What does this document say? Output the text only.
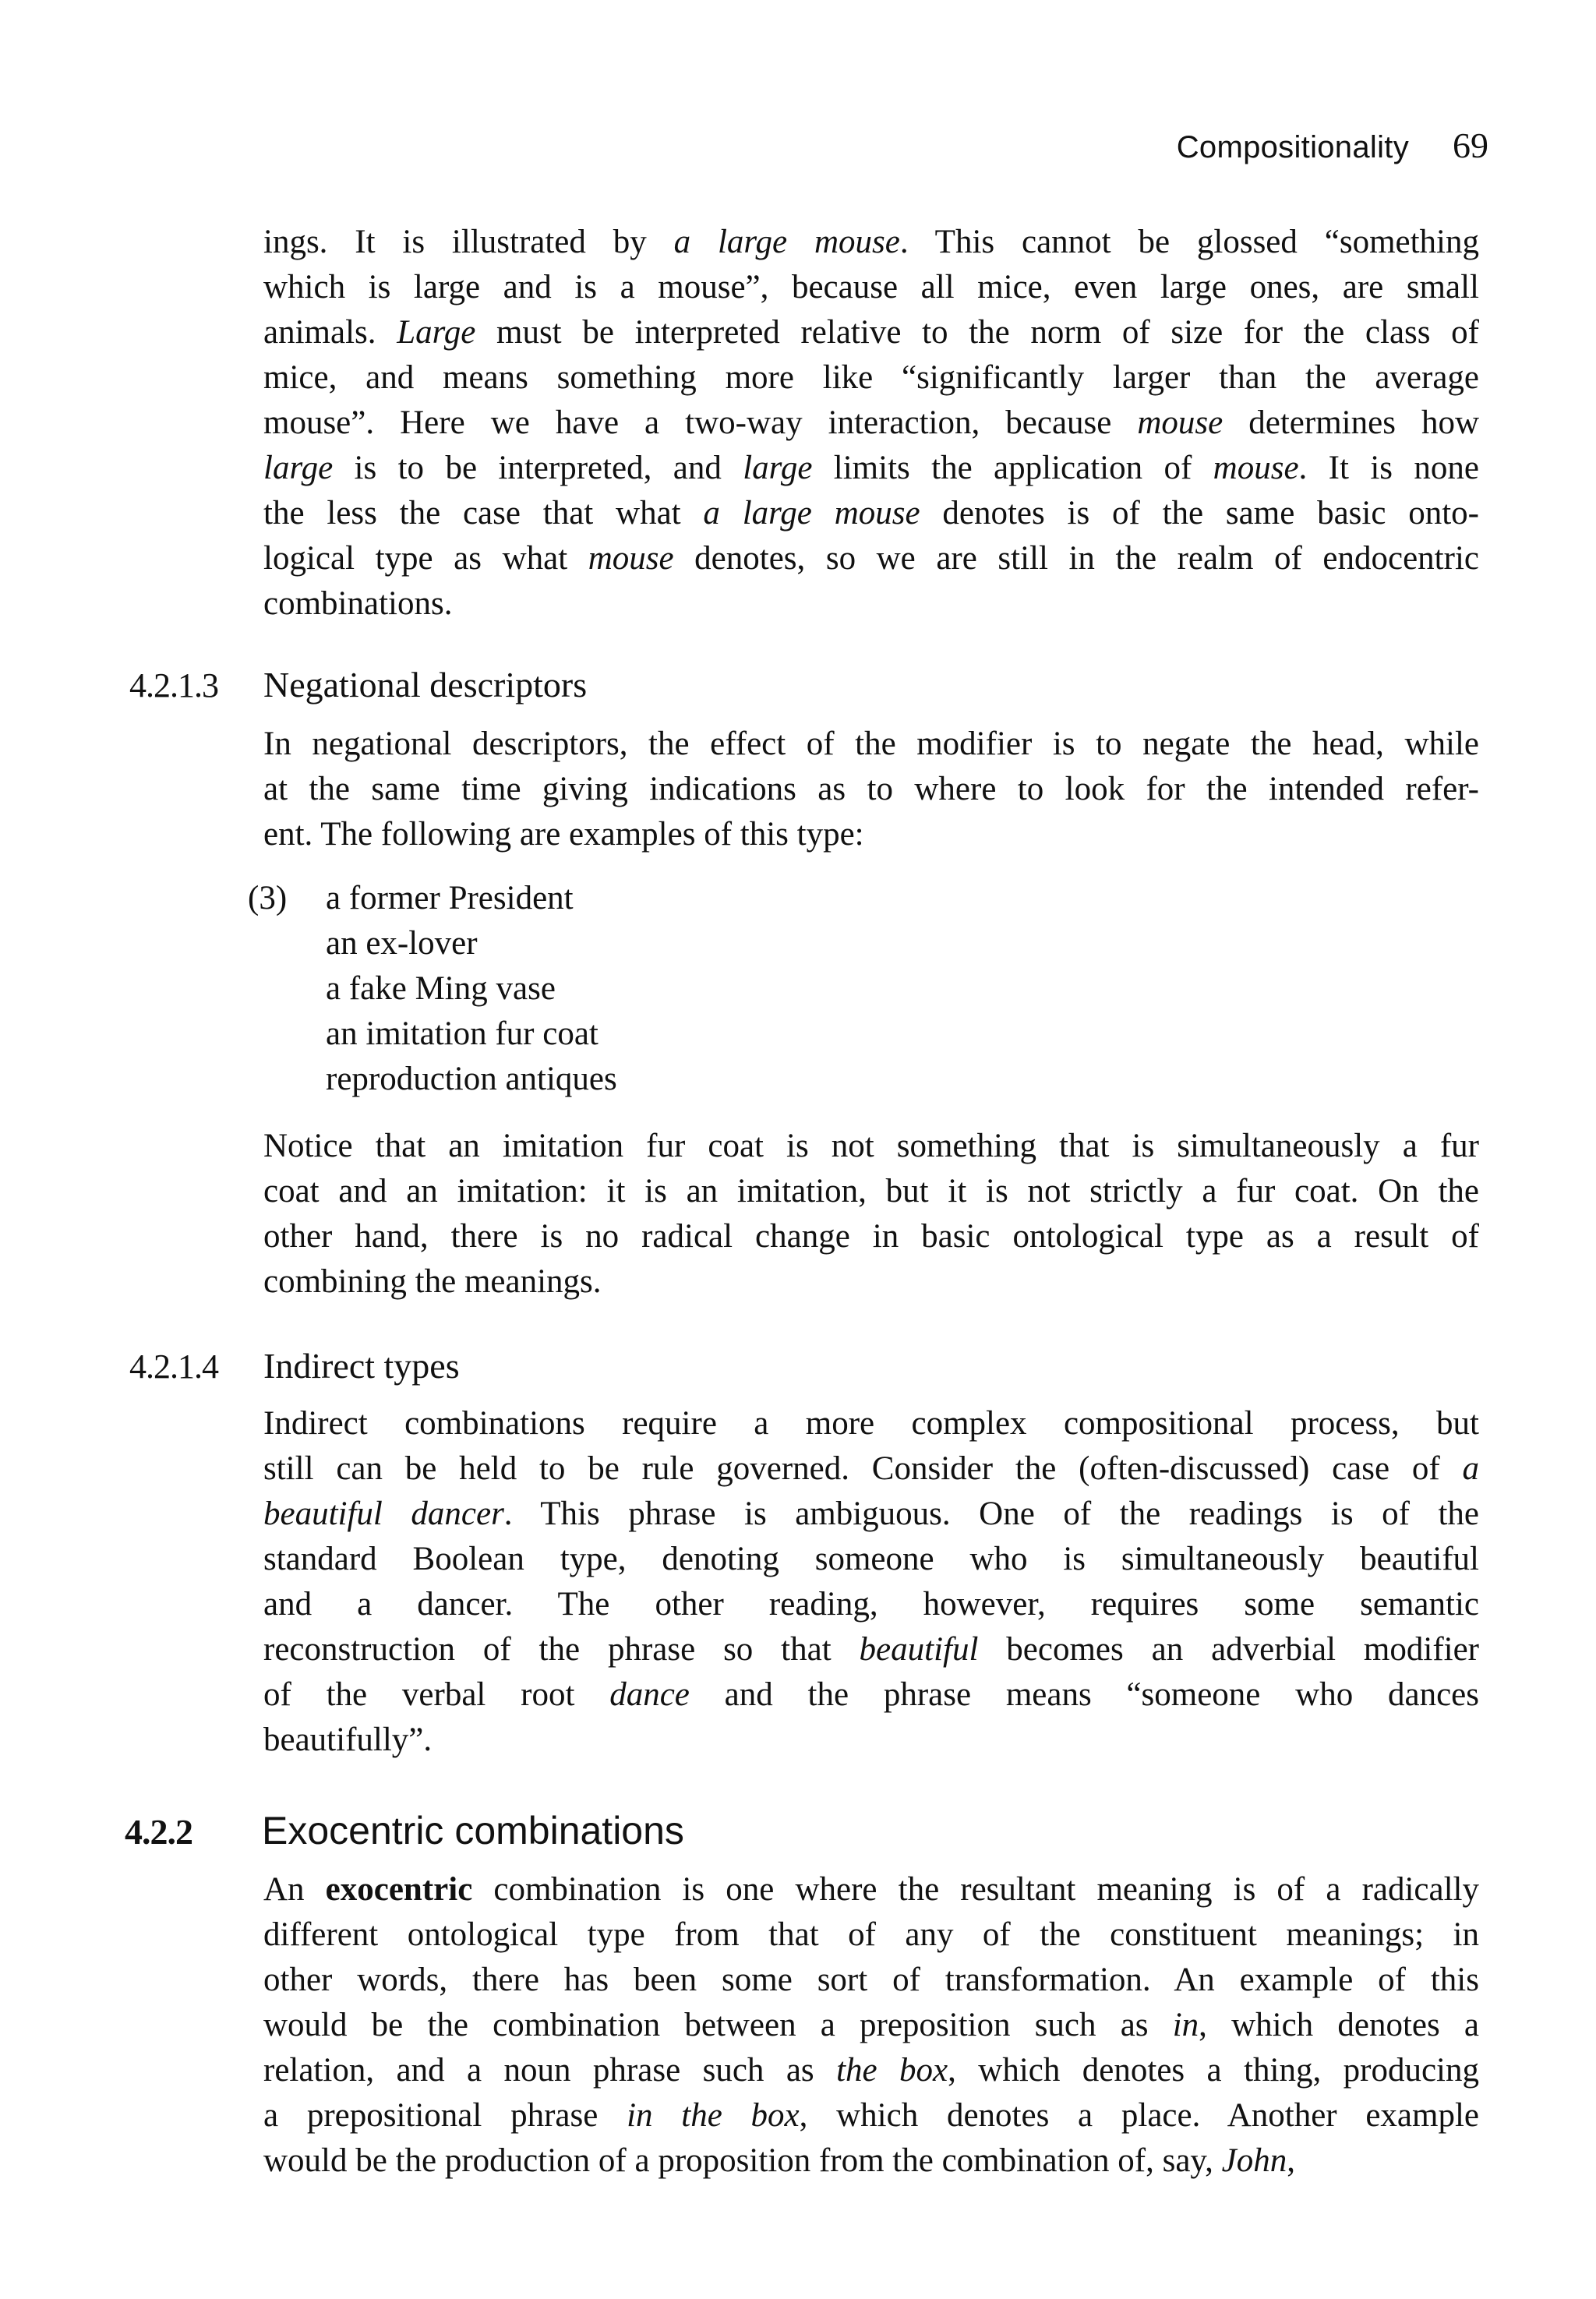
Compositionality 69

ings. It is illustrated by a large mouse. This cannot be glossed “something
which is large and is a mouse”, because all mice, even large ones, are small
animals. Large must be interpreted relative to the norm of size for the class of
mice, and means something more like “significantly larger than the average
mouse”. Here we have a two-way interaction, because mouse determines how
large is to be interpreted, and large limits the application of mouse. It is none
the less the case that what a large mouse denotes is of the same basic onto-
logical type as what mouse denotes, so we are still in the realm of endocentric
combinations.

4.2.1.3	Negational descriptors

In negational descriptors, the effect of the modifier is to negate the head, while
at the same time giving indications as to where to look for the intended refer-
ent. The following are examples of this type:

(3) a former President
an ex-lover
a fake Ming vase
an imitation fur coat
reproduction antiques

Notice that an imitation fur coat is not something that is simultaneously a fur
coat and an imitation: it is an imitation, but it is not strictly a fur coat. On the
other hand, there is no radical change in basic ontological type as a result of
combining the meanings.

4.2.1.4	Indirect types

Indirect combinations require a more complex compositional process, but
still can be held to be rule governed. Consider the (often-discussed) case of a
beautiful dancer. This phrase is ambiguous. One of the readings is of the
standard Boolean type, denoting someone who is simultaneously beautiful
and a dancer. The other reading, however, requires some semantic
reconstruction of the phrase so that beautiful becomes an adverbial modifier
of the verbal root dance and the phrase means “someone who dances
beautifully”.

4.2.2	Exocentric combinations

An exocentric combination is one where the resultant meaning is of a radically
different ontological type from that of any of the constituent meanings; in
other words, there has been some sort of transformation. An example of this
would be the combination between a preposition such as in, which denotes a
relation, and a noun phrase such as the box, which denotes a thing, producing
a prepositional phrase in the box, which denotes a place. Another example
would be the production of a proposition from the combination of, say, John,
